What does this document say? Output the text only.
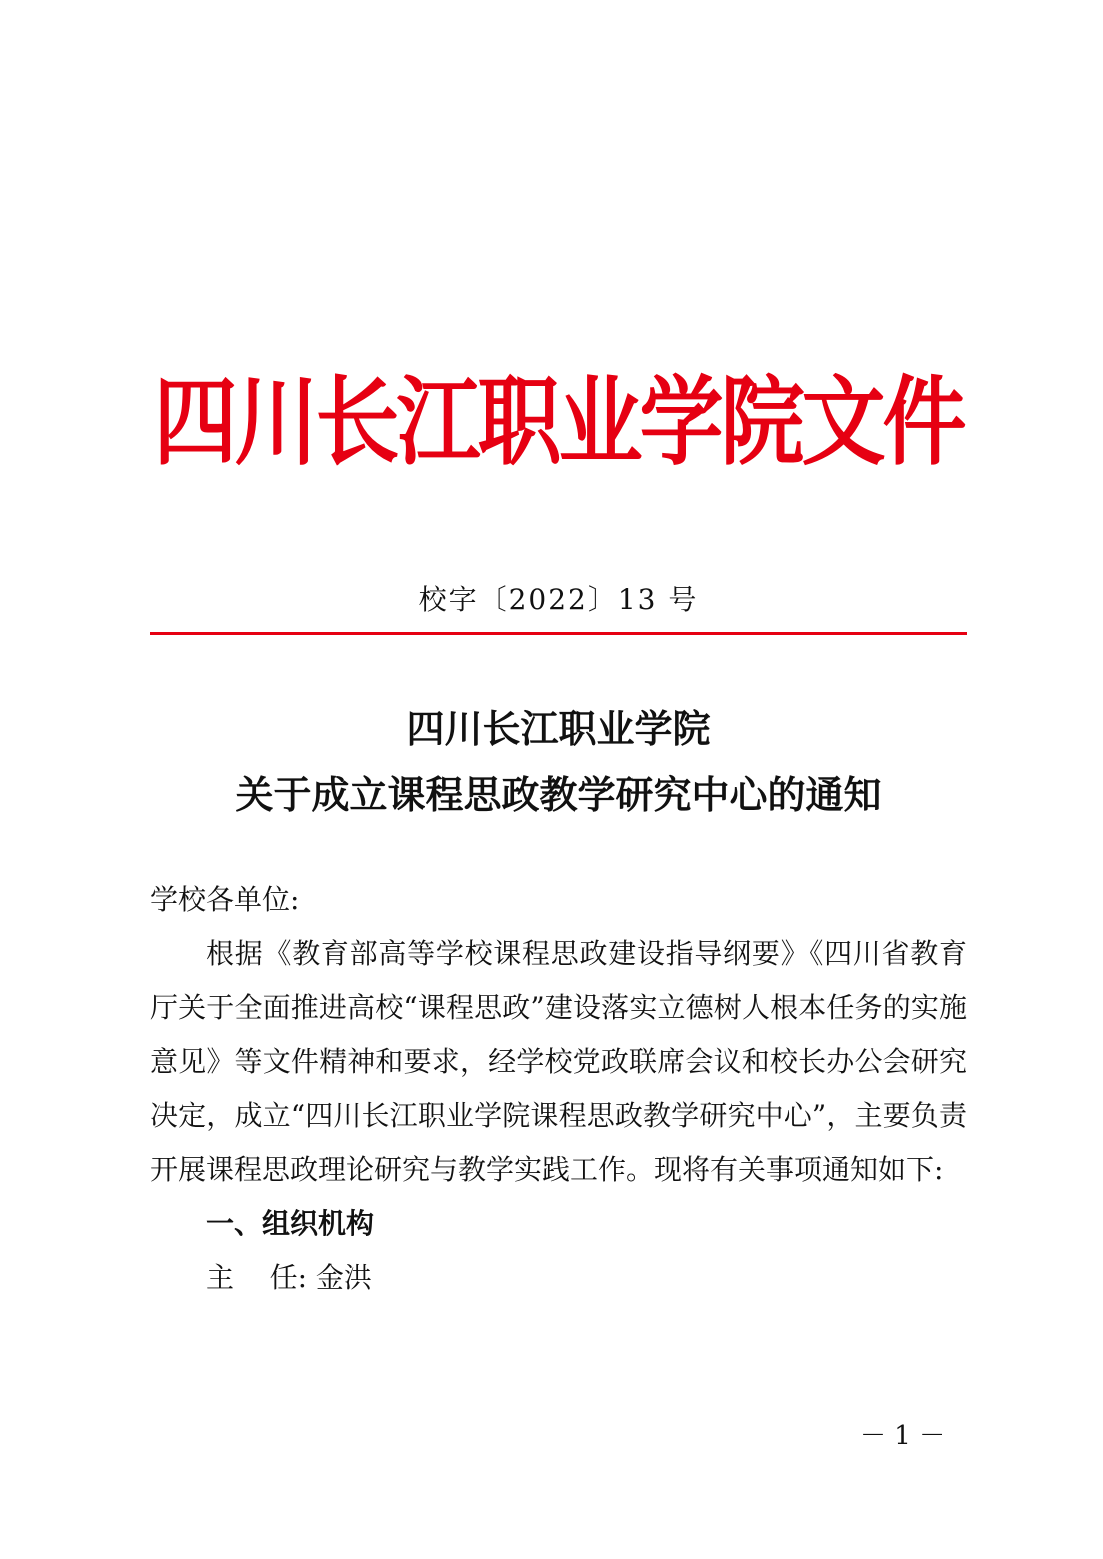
四川长江职业学院文件
校字〔2022〕13 号
四川长江职业学院
关于成立课程思政教学研究中心的通知

学校各单位:

根据《教育部高等学校课程思政建设指导纲要》《四川省教育厅关于全面推进高校“课程思政”建设落实立德树人根本任务的实施意见》等文件精神和要求，经学校党政联席会议和校长办公会研究决定，成立“四川长江职业学院课程思政教学研究中心”，主要负责开展课程思政理论研究与教学实践工作。现将有关事项通知如下:

一、组织机构

主    任: 金洪

－ 1 －
